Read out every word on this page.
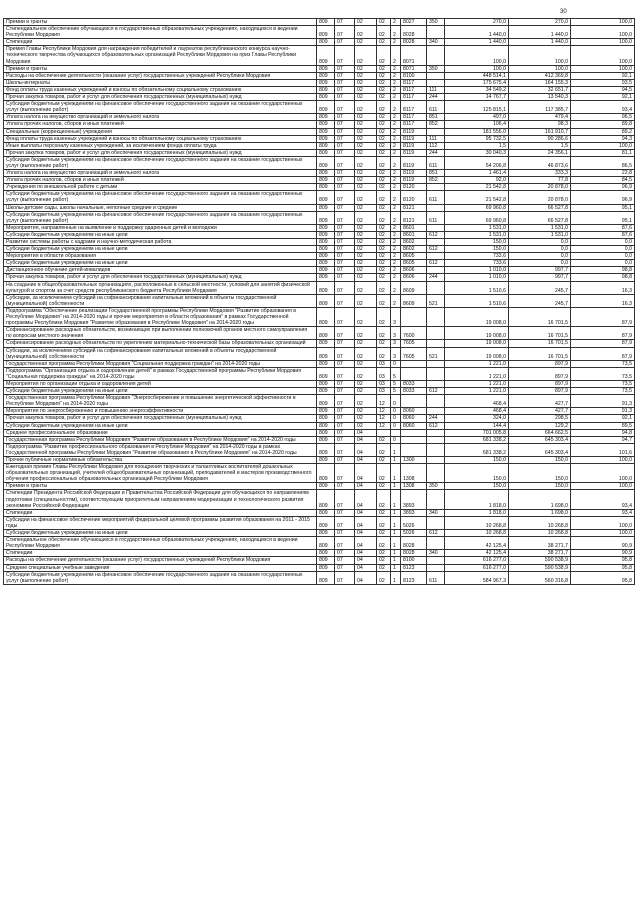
30
Премии и гранты	809	07	02	02	2	8027	350	270,0	270,0	100,0
Стипендиальное обеспечение обучающихся в государственных образовательных учреждениях, находящихся в ведении Республики Мордовия	809	07	02	02	2	8028		1 440,0	1 440,0	100,0
Стипендии	809	07	02	02	2	8028	340	1 440,0	1 440,0	100,0
Премия Главы Республики Мордовия для награждения победителей и лауреатов республиканского конкурса научно-технического творчества обучающихся образовательных организаций Республики Мордовия на приз Главы Республики Мордовия	809	07	02	02	2	8071		100,0	100,0	100,0
Премии и гранты	809	07	02	02	2	8071	350	100,0	100,0	100,0
Расходы на обеспечение деятельности (оказание услуг) государственных учреждений Республики Мордовия	809	07	02	02	2	8100		448 514,1	412 369,8	92,1
Школы-интернаты	809	07	02	02	2	8117		175 675,4	164 155,3	93,5
Фонд оплаты труда казенных учреждений и взносы по обязательному социальному страхованию	809	07	02	02	2	8117	111	34 549,2	32 651,7	94,5
Прочая закупка товаров, работ и услуг для обеспечения государственных (муниципальных) нужд	809	07	02	02	2	8117	244	14 767,7	13 540,3	92,1
Субсидии бюджетным учреждениям на финансовое обеспечение государственного задания на оказание государственных услуг (выполнение работ)	809	07	02	02	2	8117	611	125 815,1	117 385,7	93,4
Уплата налога на имущество организаций и земельного налога	809	07	02	02	2	8117	851	497,0	479,4	96,5
Уплата прочих налогов, сборов и иных платежей	809	07	02	02	2	8117	852	106,4	98,3	89,8
Специальные (коррекционные) учреждения	809	07	02	02	2	8119		181 556,0	161 910,7	89,2
Фонд оплаты труда казенных учреждений и взносы по обязательному социальному страхованию	809	07	02	02	2	8119	111	95 732,5	90 286,6	94,3
Иные выплаты персоналу казенных учреждений, за исключением фонда оплаты труда	809	07	02	02	2	8119	112	1,5	1,5	100,0
Прочая закупка товаров, работ и услуг для обеспечения государственных (муниципальных) нужд	809	07	02	02	2	8119	244	30 040,3	24 356,1	81,1
Субсидии бюджетным учреждениям на финансовое обеспечение государственного задания на оказание государственных услуг (выполнение работ)	809	07	02	02	2	8119	611	54 206,8	46 873,6	86,5
Уплата налога на имущество организаций и земельного налога	809	07	02	02	2	8119	851	1 461,4	333,3	22,8
Уплата прочих налогов, сборов и иных платежей	809	07	02	02	2	8119	852	92,0	77,8	84,5
Учреждения по внешкольной работе с детьми	809	07	02	02	2	8120		21 542,8	20 878,0	96,9
Субсидии бюджетным учреждениям на финансовое обеспечение государственного задания на оказание государственных услуг (выполнение работ)	809	07	02	02	2	8120	611	21 542,8	20 878,0	96,9
Школы-детские сады, школы начальные, неполные средние и средние	809	07	02	02	2	8121		69 960,8	66 527,8	95,1
Субсидии бюджетным учреждениям на финансовое обеспечение государственного задания на оказание государственных услуг (выполнение работ)	809	07	02	02	2	8121	611	69 960,8	66 527,8	95,1
Мероприятия, направленные на выявление и поддержку одаренных детей и молодежи	809	07	02	02	2	8601		1 531,0	1 531,0	87,6
Субсидии бюджетным учреждениям на иные цели	809	07	02	02	2	8601	612	1 531,0	1 531,0	87,6
Развитие системы работы с кадрами и научно-методическая работа	809	07	02	02	2	8602		150,0	0,0	0,0
Субсидии бюджетным учреждениям на иные цели	809	07	02	02	2	8602	612	150,0	0,0	0,0
Мероприятия в области образования	809	07	02	02	2	8605		733,6	0,0	0,0
Субсидии бюджетным учреждениям на иные цели	809	07	02	02	2	8605	612	733,6	0,0	0,0
Дистанционное обучение детей-инвалидов	809	07	02	02	2	8606		1 010,0	997,7	98,8
Прочая закупка товаров, работ и услуг для обеспечения государственных (муниципальных) нужд	809	07	02	02	2	8606	244	1 010,0	997,7	98,8
На создание в общеобразовательных организациях, расположенных в сельской местности, условий для занятий физической культурой и спортом за счет средств республиканского бюджета Республики Мордовия	809	07	02	02	2	8609		1 510,6	245,7	16,3
Субсидии, за исключением субсидий на софинансирование капитальных вложений в объекты государственной (муниципальной) собственности	809	07	02	02	2	8609	521	1 510,6	245,7	16,3
Подпрограмма "Обеспечение реализации Государственной программы Республики Мордовия "Развитие образования в Республике Мордовия" на 2014-2020 годы и прочие мероприятия в области образования" в рамках Государственной программы Республики Мордовия "Развитие образования в Республике Мордовия" на 2014-2020 годы	809	07	02	02	3			19 008,0	16 701,5	87,9
Софинансирование расходных обязательств, возникающих при выполнении полномочий органов местного самоуправления по вопросам местного значения	809	07	02	02	3	7600		19 008,0	16 701,5	87,9
Софинансирование расходных обязательств по укреплению материально-технической базы образовательных организаций	809	07	02	02	3	7605		19 008,0	16 701,5	87,9
Субсидии, за исключением субсидий на софинансирование капитальных вложений в объекты государственной (муниципальной) собственности	809	07	02	02	3	7605	521	19 008,0	16 701,5	87,9
Государственная программа Республики Мордовия "Социальная поддержка граждан" на 2014-2020 годы	809	07	02	03	0			1 221,0	897,9	73,5
Подпрограмма "Организация отдыха и оздоровления детей" в рамках Государственной программы Республики Мордовия "Социальная поддержка граждан" на 2014-2020 годы	809	07	02	03	5			1 221,0	897,9	73,5
Мероприятия по организации отдыха и оздоровления детей	809	07	02	03	5	8033		1 221,0	897,9	73,5
Субсидии бюджетным учреждениям на иные цели	809	07	02	03	5	8033	612	1 221,0	897,9	73,5
Государственная программа Республики Мордовия "Энергосбережение и повышение энергетической эффективности в Республике Мордовия" на 2014-2020 годы	809	07	02	12	0			468,4	427,7	91,3
Мероприятия по энергосбережению и повышению энергоэффективности	809	07	02	12	0	8060		468,4	427,7	91,3
Прочая закупка товаров, работ и услуг для обеспечения государственных (муниципальных) нужд	809	07	02	12	0	8060	244	324,0	298,5	92,1
Субсидии бюджетным учреждениям на иные цели	809	07	02	12	0	8060	612	144,4	129,2	89,5
Среднее профессиональное образование	809	07	04					701 005,8	664 662,5	94,8
Государственная программа Республики Мордовия "Развитие образования в Республике Мордовия" на 2014-2020 годы	809	07	04	02	0			681 338,2	645 303,4	94,7
Подпрограмма "Развитие профессионального образования в Республике Мордовия" на 2014-2020 годы в рамках Государственной программы Республики Мордовия "Развитие образования в Республике Мордовия" на 2014-2020 годы	809	07	04	02	1			681 338,2	645 303,4	101,6
Прочие публичные нормативные обязательства	809	07	04	02	1	1300		150,0	150,0	100,0
Ежегодная премия Главы Республики Мордовия для поощрения творческих и талантливых воспитателей дошкольных образовательных организаций, учителей общеобразовательных организаций, преподавателей и мастеров производственного обучения профессиональных образовательных организаций Республики Мордовия	809	07	04	02	1	1308		150,0	150,0	100,0
Премии и гранты	809	07	04	02	1	1308	350	150,0	150,0	100,0
Стипендии Президента Российской Федерации и Правительства Российской Федерации для обучающихся по направлениям подготовки (специальностям), соответствующим приоритетным направлениям модернизации и технологического развития экономики Российской Федерации	809	07	04	02	1	3893		1 818,0	1 698,0	93,4
Стипендии	809	07	04	02	1	3893	340	1 818,0	1 698,0	93,4
Субсидии на финансовое обеспечение мероприятий федеральной целевой программы развития образования на 2011 - 2015 годы	809	07	04	02	1	5026		10 268,8	10 268,8	100,0
Субсидии бюджетным учреждениям на иные цели	809	07	04	02	1	5026	612	10 268,8	10 268,8	100,0
Стипендиальное обеспечение обучающихся в государственных образовательных учреждениях, находящихся в ведении Республики Мордовия	809	07	04	02	1	8028		42 125,4	38 271,7	90,9
Стипендии	809	07	04	02	1	8028	340	42 125,4	38 271,7	90,9
Расходы на обеспечение деятельности (оказание услуг) государственных учреждений Республики Мордовия	809	07	04	02	1	8100		616 277,0	590 538,9	95,8
Средние специальные учебные заведения	809	07	04	02	1	8123		616 277,0	590 538,9	95,8
Субсидии бюджетным учреждениям на финансовое обеспечение государственного задания на оказание государственных услуг (выполнение работ)	809	07	04	02	1	8123	611	584 967,3	560 316,8	95,8
